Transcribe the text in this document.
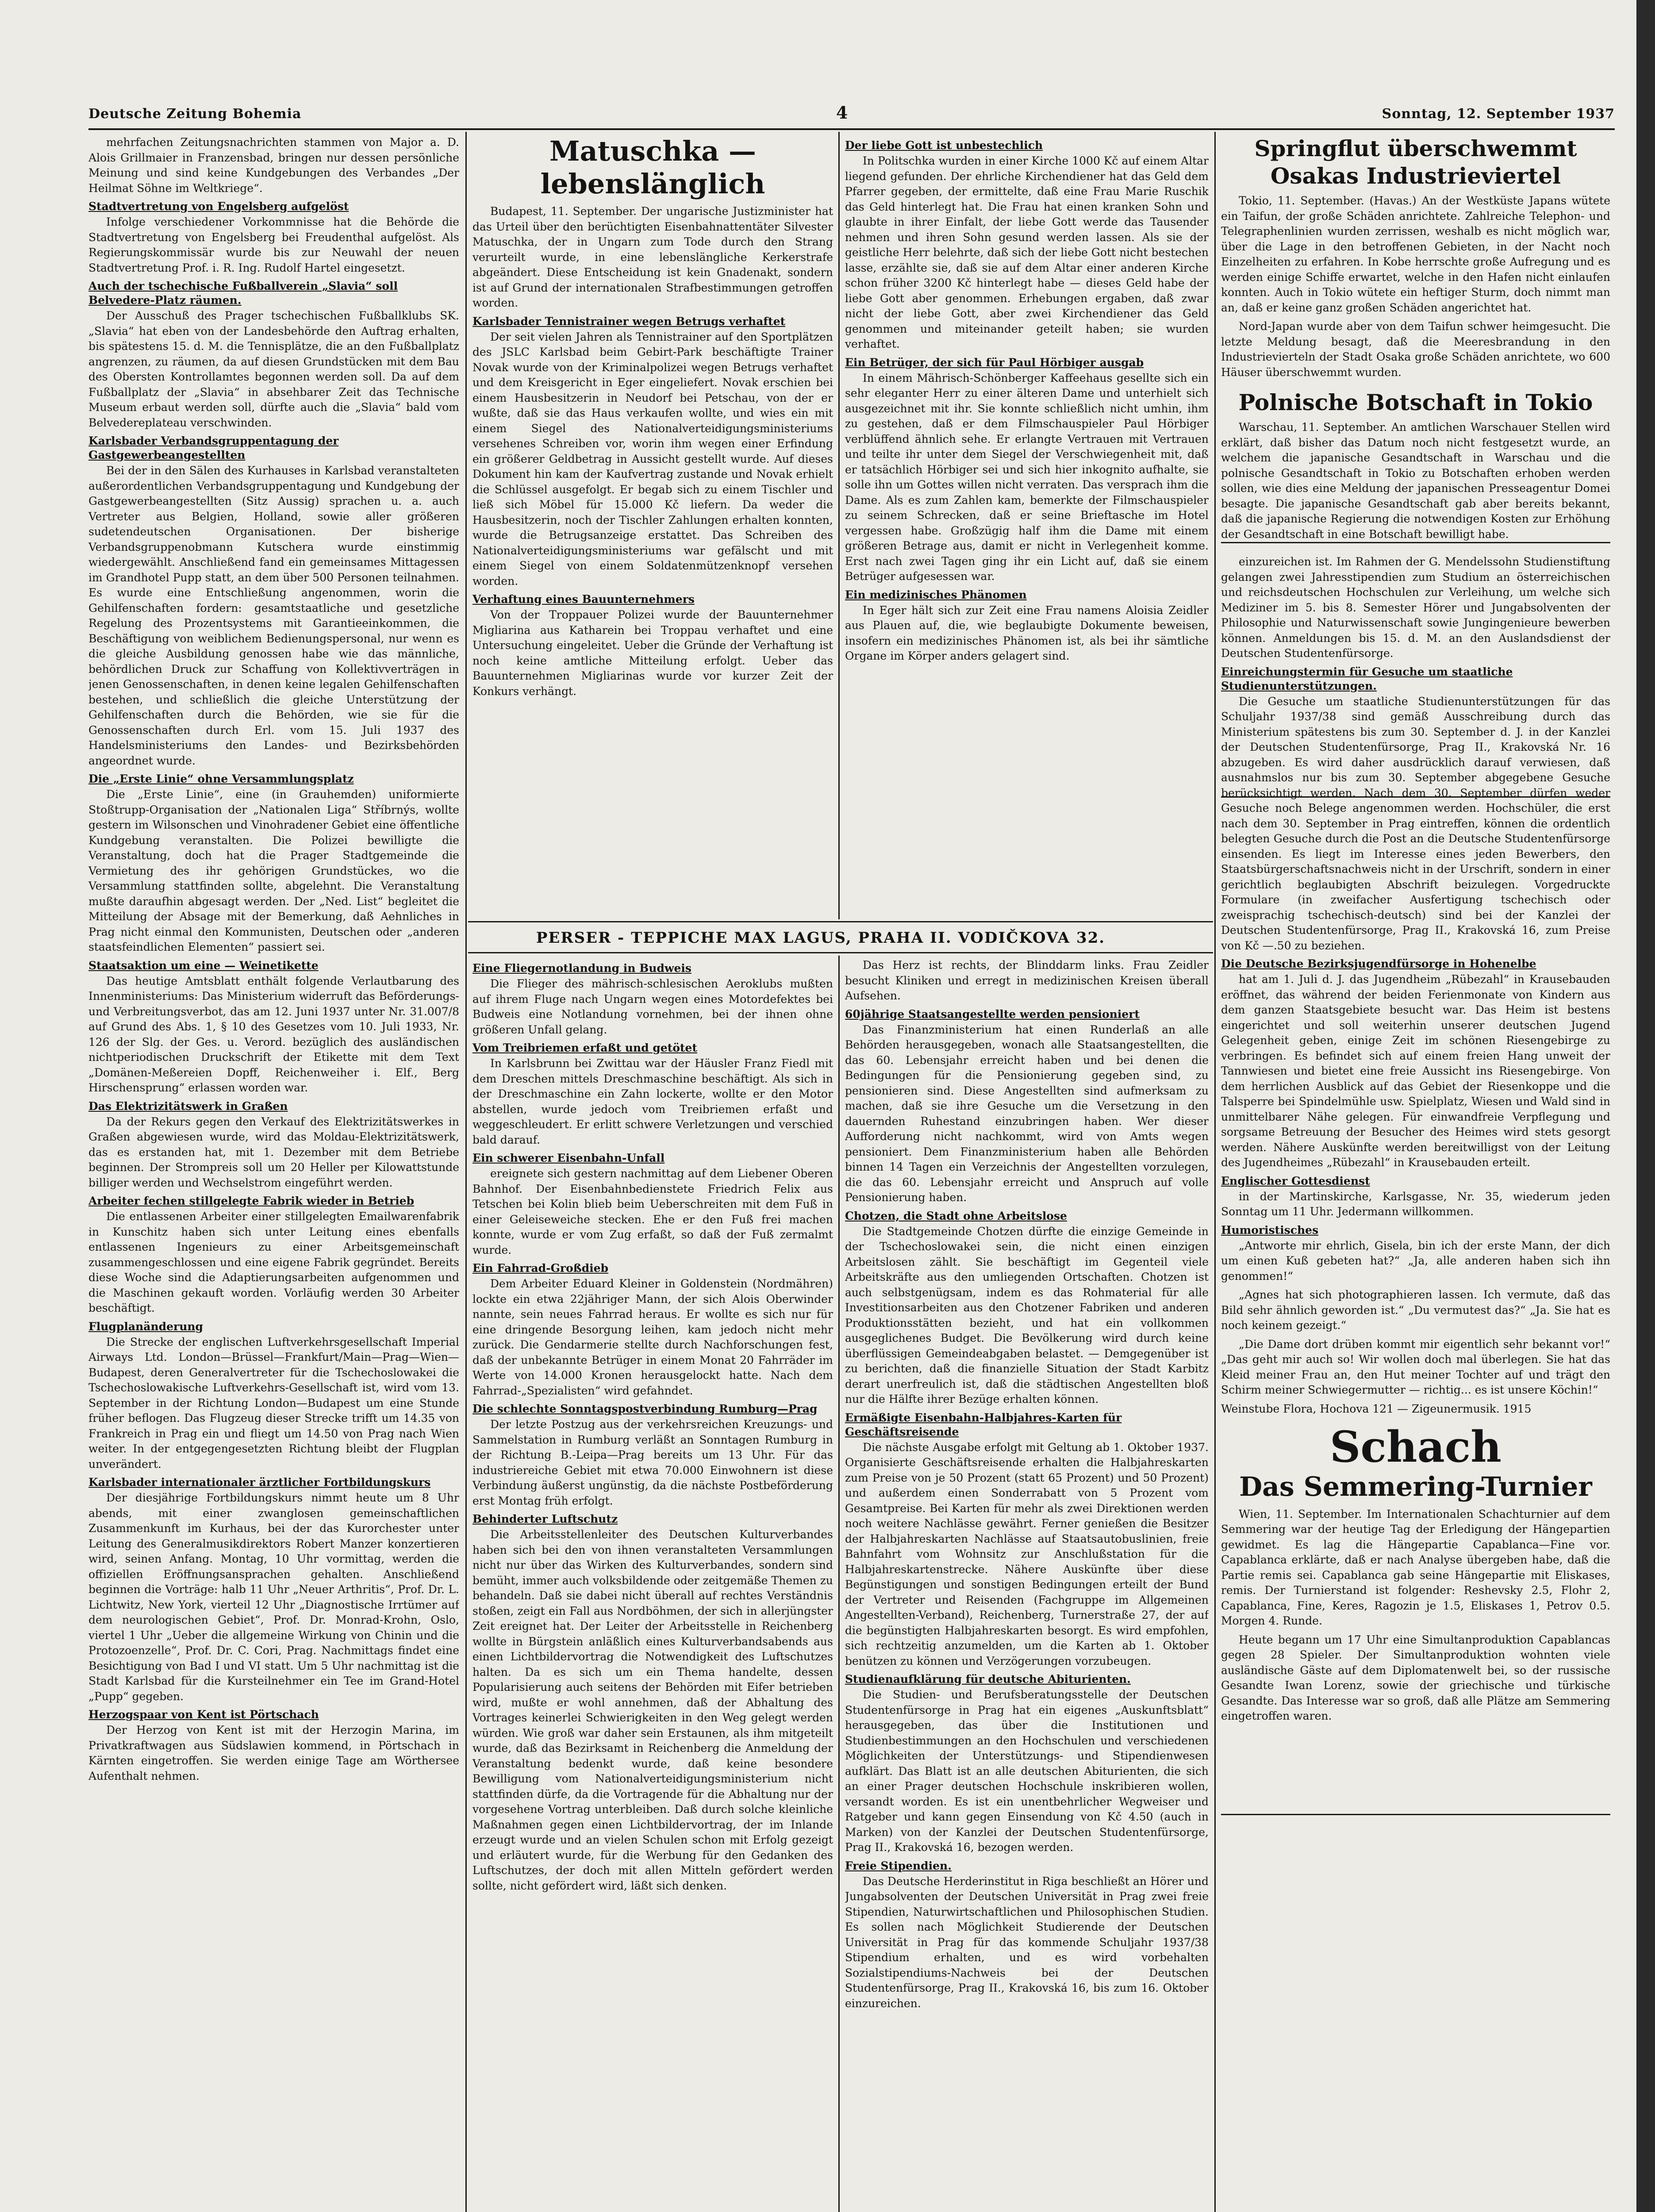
Deutsche Zeitung Bohemia	4	Sonntag, 12. September 1937
PERSER - TEPPICHE MAX LAGUS, PRAHA II. VODIČKOVA 32.

mehrfachen Zeitungsnachrichten stammen von Major a. D. Alois Grillmaier in Franzensbad, bringen nur dessen persönliche Meinung und sind keine Kundgebungen des Verbandes „Der Heilmat Söhne im Weltkriege“.

Stadtvertretung von Engelsberg aufgelöst

Infolge verschiedener Vorkommnisse hat die Behörde die Stadtvertretung von Engelsberg bei Freudenthal aufgelöst. Als Regierungskommissär wurde bis zur Neuwahl der neuen Stadtvertretung Prof. i. R. Ing. Rudolf Hartel eingesetzt.

Auch der tschechische Fußballverein „Slavia“ soll Belvedere-Platz räumen.

Der Ausschuß des Prager tschechischen Fußballklubs SK. „Slavia“ hat eben von der Landesbehörde den Auftrag erhalten, bis spätestens 15. d. M. die Tennisplätze, die an den Fußballplatz angrenzen, zu räumen, da auf diesen Grundstücken mit dem Bau des Obersten Kontrollamtes begonnen werden soll. Da auf dem Fußballplatz der „Slavia“ in absehbarer Zeit das Technische Museum erbaut werden soll, dürfte auch die „Slavia“ bald vom Belvedereplateau verschwinden.

Karlsbader Verbandsgruppentagung der Gastgewerbeangestellten

Bei der in den Sälen des Kurhauses in Karlsbad veranstalteten außerordentlichen Verbandsgruppentagung und Kundgebung der Gastgewerbeangestellten (Sitz Aussig) sprachen u. a. auch Vertreter aus Belgien, Holland, sowie aller größeren sudetendeutschen Organisationen. Der bisherige Verbandsgruppenobmann Kutschera wurde einstimmig wiedergewählt. Anschließend fand ein gemeinsames Mittagessen im Grandhotel Pupp statt, an dem über 500 Personen teilnahmen. Es wurde eine Entschließung angenommen, worin die Gehilfenschaften fordern: gesamtstaatliche und gesetzliche Regelung des Prozentsystems mit Garantieeinkommen, die Beschäftigung von weiblichem Bedienungspersonal, nur wenn es die gleiche Ausbildung genossen habe wie das männliche, behördlichen Druck zur Schaffung von Kollektivverträgen in jenen Genossenschaften, in denen keine legalen Gehilfenschaften bestehen, und schließlich die gleiche Unterstützung der Gehilfenschaften durch die Behörden, wie sie für die Genossenschaften durch Erl. vom 15. Juli 1937 des Handelsministeriums den Landes- und Bezirksbehörden angeordnet wurde.

Die „Erste Linie“ ohne Versammlungsplatz

Die „Erste Linie“, eine (in Grauhemden) uniformierte Stoßtrupp-Organisation der „Nationalen Liga“ Stříbrnýs, wollte gestern im Wilsonschen und Vinohradener Gebiet eine öffentliche Kundgebung veranstalten. Die Polizei bewilligte die Veranstaltung, doch hat die Prager Stadtgemeinde die Vermietung des ihr gehörigen Grundstückes, wo die Versammlung stattfinden sollte, abgelehnt. Die Veranstaltung mußte daraufhin abgesagt werden. Der „Ned. List“ begleitet die Mitteilung der Absage mit der Bemerkung, daß Aehnliches in Prag nicht einmal den Kommunisten, Deutschen oder „anderen staatsfeindlichen Elementen“ passiert sei.

Staatsaktion um eine — Weinetikette

Das heutige Amtsblatt enthält folgende Verlautbarung des Innenministeriums: Das Ministerium widerruft das Beförderungs- und Verbreitungsverbot, das am 12. Juni 1937 unter Nr. 31.007/8 auf Grund des Abs. 1, § 10 des Gesetzes vom 10. Juli 1933, Nr. 126 der Slg. der Ges. u. Verord. bezüglich des ausländischen nichtperiodischen Druckschrift der Etikette mit dem Text „Domänen-Meßereien Dopff, Reichenweiher i. Elf., Berg Hirschensprung“ erlassen worden war.

Das Elektrizitätswerk in Graßen

Da der Rekurs gegen den Verkauf des Elektrizitätswerkes in Graßen abgewiesen wurde, wird das Moldau-Elektrizitätswerk, das es erstanden hat, mit 1. Dezember mit dem Betriebe beginnen. Der Strompreis soll um 20 Heller per Kilowattstunde billiger werden und Wechselstrom eingeführt werden.

Arbeiter fechen stillgelegte Fabrik wieder in Betrieb

Die entlassenen Arbeiter einer stillgelegten Emailwarenfabrik in Kunschitz haben sich unter Leitung eines ebenfalls entlassenen Ingenieurs zu einer Arbeitsgemeinschaft zusammengeschlossen und eine eigene Fabrik gegründet. Bereits diese Woche sind die Adaptierungsarbeiten aufgenommen und die Maschinen gekauft worden. Vorläufig werden 30 Arbeiter beschäftigt.

Flugplanänderung

Die Strecke der englischen Luftverkehrsgesellschaft Imperial Airways Ltd. London—Brüssel—Frankfurt/Main—Prag—Wien—Budapest, deren Generalvertreter für die Tschechoslowakei die Tschechoslowakische Luftverkehrs-Gesellschaft ist, wird vom 13. September in der Richtung London—Budapest um eine Stunde früher beflogen. Das Flugzeug dieser Strecke trifft um 14.35 von Frankreich in Prag ein und fliegt um 14.50 von Prag nach Wien weiter. In der entgegengesetzten Richtung bleibt der Flugplan unverändert.

Karlsbader internationaler ärztlicher Fortbildungskurs

Der diesjährige Fortbildungskurs nimmt heute um 8 Uhr abends, mit einer zwanglosen gemeinschaftlichen Zusammenkunft im Kurhaus, bei der das Kurorchester unter Leitung des Generalmusikdirektors Robert Manzer konzertieren wird, seinen Anfang. Montag, 10 Uhr vormittag, werden die offiziellen Eröffnungsansprachen gehalten. Anschließend beginnen die Vorträge: halb 11 Uhr „Neuer Arthritis“, Prof. Dr. L. Lichtwitz, New York, vierteil 12 Uhr „Diagnostische Irrtümer auf dem neurologischen Gebiet“, Prof. Dr. Monrad-Krohn, Oslo, viertel 1 Uhr „Ueber die allgemeine Wirkung von Chinin und die Protozoenzelle“, Prof. Dr. C. Cori, Prag. Nachmittags findet eine Besichtigung von Bad I und VI statt. Um 5 Uhr nachmittag ist die Stadt Karlsbad für die Kursteilnehmer ein Tee im Grand-Hotel „Pupp“ gegeben.

Herzogspaar von Kent ist Pörtschach

Der Herzog von Kent ist mit der Herzogin Marina, im Privatkraftwagen aus Südslawien kommend, in Pörtschach in Kärnten eingetroffen. Sie werden einige Tage am Wörthersee Aufenthalt nehmen.

Matuschka — lebenslänglich

Budapest, 11. September. Der ungarische Justizminister hat das Urteil über den berüchtigten Eisenbahnattentäter Silvester Matuschka, der in Ungarn zum Tode durch den Strang verurteilt wurde, in eine lebenslängliche Kerkerstrafe abgeändert. Diese Entscheidung ist kein Gnadenakt, sondern ist auf Grund der internationalen Strafbestimmungen getroffen worden.

Karlsbader Tennistrainer wegen Betrugs verhaftet

Der seit vielen Jahren als Tennistrainer auf den Sportplätzen des JSLC Karlsbad beim Gebirt-Park beschäftigte Trainer Novak wurde von der Kriminalpolizei wegen Betrugs verhaftet und dem Kreisgericht in Eger eingeliefert. Novak erschien bei einem Hausbesitzerin in Neudorf bei Petschau, von der er wußte, daß sie das Haus verkaufen wollte, und wies ein mit einem Siegel des Nationalverteidigungsministeriums versehenes Schreiben vor, worin ihm wegen einer Erfindung ein größerer Geldbetrag in Aussicht gestellt wurde. Auf dieses Dokument hin kam der Kaufvertrag zustande und Novak erhielt die Schlüssel ausgefolgt. Er begab sich zu einem Tischler und ließ sich Möbel für 15.000 Kč liefern. Da weder die Hausbesitzerin, noch der Tischler Zahlungen erhalten konnten, wurde die Betrugsanzeige erstattet. Das Schreiben des Nationalverteidigungsministeriums war gefälscht und mit einem Siegel von einem Soldatenmützenknopf versehen worden.

Verhaftung eines Bauunternehmers

Von der Troppauer Polizei wurde der Bauunternehmer Migliarina aus Katharein bei Troppau verhaftet und eine Untersuchung eingeleitet. Ueber die Gründe der Verhaftung ist noch keine amtliche Mitteilung erfolgt. Ueber das Bauunternehmen Migliarinas wurde vor kurzer Zeit der Konkurs verhängt.

Der liebe Gott ist unbestechlich

In Politschka wurden in einer Kirche 1000 Kč auf einem Altar liegend gefunden. Der ehrliche Kirchendiener hat das Geld dem Pfarrer gegeben, der ermittelte, daß eine Frau Marie Ruschik das Geld hinterlegt hat. Die Frau hat einen kranken Sohn und glaubte in ihrer Einfalt, der liebe Gott werde das Tausender nehmen und ihren Sohn gesund werden lassen. Als sie der geistliche Herr belehrte, daß sich der liebe Gott nicht bestechen lasse, erzählte sie, daß sie auf dem Altar einer anderen Kirche schon früher 3200 Kč hinterlegt habe — dieses Geld habe der liebe Gott aber genommen. Erhebungen ergaben, daß zwar nicht der liebe Gott, aber zwei Kirchendiener das Geld genommen und miteinander geteilt haben; sie wurden verhaftet.

Ein Betrüger, der sich für Paul Hörbiger ausgab

In einem Mährisch-Schönberger Kaffeehaus gesellte sich ein sehr eleganter Herr zu einer älteren Dame und unterhielt sich ausgezeichnet mit ihr. Sie konnte schließlich nicht umhin, ihm zu gestehen, daß er dem Filmschauspieler Paul Hörbiger verblüffend ähnlich sehe. Er erlangte Vertrauen mit Vertrauen und teilte ihr unter dem Siegel der Verschwiegenheit mit, daß er tatsächlich Hörbiger sei und sich hier inkognito aufhalte, sie solle ihn um Gottes willen nicht verraten. Das versprach ihm die Dame. Als es zum Zahlen kam, bemerkte der Filmschauspieler zu seinem Schrecken, daß er seine Brieftasche im Hotel vergessen habe. Großzügig half ihm die Dame mit einem größeren Betrage aus, damit er nicht in Verlegenheit komme. Erst nach zwei Tagen ging ihr ein Licht auf, daß sie einem Betrüger aufgesessen war.

Ein medizinisches Phänomen

In Eger hält sich zur Zeit eine Frau namens Aloisia Zeidler aus Plauen auf, die, wie beglaubigte Dokumente beweisen, insofern ein medizinisches Phänomen ist, als bei ihr sämtliche Organe im Körper anders gelagert sind.

Eine Fliegernotlandung in Budweis

Die Flieger des mährisch-schlesischen Aeroklubs mußten auf ihrem Fluge nach Ungarn wegen eines Motordefektes bei Budweis eine Notlandung vornehmen, bei der ihnen ohne größeren Unfall gelang.

Vom Treibriemen erfaßt und getötet

In Karlsbrunn bei Zwittau war der Häusler Franz Fiedl mit dem Dreschen mittels Dreschmaschine beschäftigt. Als sich in der Dreschmaschine ein Zahn lockerte, wollte er den Motor abstellen, wurde jedoch vom Treibriemen erfaßt und weggeschleudert. Er erlitt schwere Verletzungen und verschied bald darauf.

Ein schwerer Eisenbahn-Unfall

ereignete sich gestern nachmittag auf dem Liebener Oberen Bahnhof. Der Eisenbahnbedienstete Friedrich Felix aus Tetschen bei Kolin blieb beim Ueberschreiten mit dem Fuß in einer Geleiseweiche stecken. Ehe er den Fuß frei machen konnte, wurde er vom Zug erfaßt, so daß der Fuß zermalmt wurde.

Ein Fahrrad-Großdieb

Dem Arbeiter Eduard Kleiner in Goldenstein (Nordmähren) lockte ein etwa 22jähriger Mann, der sich Alois Oberwinder nannte, sein neues Fahrrad heraus. Er wollte es sich nur für eine dringende Besorgung leihen, kam jedoch nicht mehr zurück. Die Gendarmerie stellte durch Nachforschungen fest, daß der unbekannte Betrüger in einem Monat 20 Fahrräder im Werte von 14.000 Kronen herausgelockt hatte. Nach dem Fahrrad-„Spezialisten“ wird gefahndet.

Die schlechte Sonntagspostverbindung Rumburg—Prag

Der letzte Postzug aus der verkehrsreichen Kreuzungs- und Sammelstation in Rumburg verläßt an Sonntagen Rumburg in der Richtung B.-Leipa—Prag bereits um 13 Uhr. Für das industriereiche Gebiet mit etwa 70.000 Einwohnern ist diese Verbindung äußerst ungünstig, da die nächste Postbeförderung erst Montag früh erfolgt.

Behinderter Luftschutz

Die Arbeitsstellenleiter des Deutschen Kulturverbandes haben sich bei den von ihnen veranstalteten Versammlungen nicht nur über das Wirken des Kulturverbandes, sondern sind bemüht, immer auch volksbildende oder zeitgemäße Themen zu behandeln. Daß sie dabei nicht überall auf rechtes Verständnis stoßen, zeigt ein Fall aus Nordböhmen, der sich in allerjüngster Zeit ereignet hat. Der Leiter der Arbeitsstelle in Reichenberg wollte in Bürgstein anläßlich eines Kulturverbandsabends aus einen Lichtbildervortrag die Notwendigkeit des Luftschutzes halten. Da es sich um ein Thema handelte, dessen Popularisierung auch seitens der Behörden mit Eifer betrieben wird, mußte er wohl annehmen, daß der Abhaltung des Vortrages keinerlei Schwierigkeiten in den Weg gelegt werden würden. Wie groß war daher sein Erstaunen, als ihm mitgeteilt wurde, daß das Bezirksamt in Reichenberg die Anmeldung der Veranstaltung bedenkt wurde, daß keine besondere Bewilligung vom Nationalverteidigungsministerium nicht stattfinden dürfe, da die Vortragende für die Abhaltung nur der vorgesehene Vortrag unterbleiben. Daß durch solche kleinliche Maßnahmen gegen einen Lichtbildervortrag, der im Inlande erzeugt wurde und an vielen Schulen schon mit Erfolg gezeigt und erläutert wurde, für die Werbung für den Gedanken des Luftschutzes, der doch mit allen Mitteln gefördert werden sollte, nicht gefördert wird, läßt sich denken.

Das Herz ist rechts, der Blinddarm links. Frau Zeidler besucht Kliniken und erregt in medizinischen Kreisen überall Aufsehen.

60jährige Staatsangestellte werden pensioniert

Das Finanzministerium hat einen Runderlaß an alle Behörden herausgegeben, wonach alle Staatsangestellten, die das 60. Lebensjahr erreicht haben und bei denen die Bedingungen für die Pensionierung gegeben sind, zu pensionieren sind. Diese Angestellten sind aufmerksam zu machen, daß sie ihre Gesuche um die Versetzung in den dauernden Ruhestand einzubringen haben. Wer dieser Aufforderung nicht nachkommt, wird von Amts wegen pensioniert. Dem Finanzministerium haben alle Behörden binnen 14 Tagen ein Verzeichnis der Angestellten vorzulegen, die das 60. Lebensjahr erreicht und Anspruch auf volle Pensionierung haben.

Chotzen, die Stadt ohne Arbeitslose

Die Stadtgemeinde Chotzen dürfte die einzige Gemeinde in der Tschechoslowakei sein, die nicht einen einzigen Arbeitslosen zählt. Sie beschäftigt im Gegenteil viele Arbeitskräfte aus den umliegenden Ortschaften. Chotzen ist auch selbstgenügsam, indem es das Rohmaterial für alle Investitionsarbeiten aus den Chotzener Fabriken und anderen Produktionsstätten bezieht, und hat ein vollkommen ausgeglichenes Budget. Die Bevölkerung wird durch keine überflüssigen Gemeindeabgaben belastet. — Demgegenüber ist zu berichten, daß die finanzielle Situation der Stadt Karbitz derart unerfreulich ist, daß die städtischen Angestellten bloß nur die Hälfte ihrer Bezüge erhalten können.

Ermäßigte Eisenbahn-Halbjahres-Karten für Geschäftsreisende

Die nächste Ausgabe erfolgt mit Geltung ab 1. Oktober 1937. Organisierte Geschäftsreisende erhalten die Halbjahreskarten zum Preise von je 50 Prozent (statt 65 Prozent) und 50 Prozent) und außerdem einen Sonderrabatt von 5 Prozent vom Gesamtpreise. Bei Karten für mehr als zwei Direktionen werden noch weitere Nachlässe gewährt. Ferner genießen die Besitzer der Halbjahreskarten Nachlässe auf Staatsautobuslinien, freie Bahnfahrt vom Wohnsitz zur Anschlußstation für die Halbjahreskartenstrecke. Nähere Auskünfte über diese Begünstigungen und sonstigen Bedingungen erteilt der Bund der Vertreter und Reisenden (Fachgruppe im Allgemeinen Angestellten-Verband), Reichenberg, Turnerstraße 27, der auf die begünstigten Halbjahreskarten besorgt. Es wird empfohlen, sich rechtzeitig anzumelden, um die Karten ab 1. Oktober benützen zu können und Verzögerungen vorzubeugen.

Studienaufklärung für deutsche Abiturienten.

Die Studien- und Berufsberatungsstelle der Deutschen Studentenfürsorge in Prag hat ein eigenes „Auskunftsblatt“ herausgegeben, das über die Institutionen und Studienbestimmungen an den Hochschulen und verschiedenen Möglichkeiten der Unterstützungs- und Stipendienwesen aufklärt. Das Blatt ist an alle deutschen Abiturienten, die sich an einer Prager deutschen Hochschule inskribieren wollen, versandt worden. Es ist ein unentbehrlicher Wegweiser und Ratgeber und kann gegen Einsendung von Kč 4.50 (auch in Marken) von der Kanzlei der Deutschen Studentenfürsorge, Prag II., Krakovská 16, bezogen werden.

Freie Stipendien.

Das Deutsche Herderinstitut in Riga beschließt an Hörer und Jungabsolventen der Deutschen Universität in Prag zwei freie Stipendien, Naturwirtschaftlichen und Philosophischen Studien. Es sollen nach Möglichkeit Studierende der Deutschen Universität in Prag für das kommende Schuljahr 1937/38 Stipendium erhalten, und es wird vorbehalten Sozialstipendiums-Nachweis bei der Deutschen Studentenfürsorge, Prag II., Krakovská 16, bis zum 16. Oktober einzureichen.

Springflut überschwemmt Osakas Industrieviertel

Tokio, 11. September. (Havas.) An der Westküste Japans wütete ein Taifun, der große Schäden anrichtete. Zahlreiche Telephon- und Telegraphenlinien wurden zerrissen, weshalb es nicht möglich war, über die Lage in den betroffenen Gebieten, in der Nacht noch Einzelheiten zu erfahren. In Kobe herrschte große Aufregung und es werden einige Schiffe erwartet, welche in den Hafen nicht einlaufen konnten. Auch in Tokio wütete ein heftiger Sturm, doch nimmt man an, daß er keine ganz großen Schäden angerichtet hat.

Nord-Japan wurde aber von dem Taifun schwer heimgesucht. Die letzte Meldung besagt, daß die Meeresbrandung in den Industrievierteln der Stadt Osaka große Schäden anrichtete, wo 600 Häuser überschwemmt wurden.

Polnische Botschaft in Tokio

Warschau, 11. September. An amtlichen Warschauer Stellen wird erklärt, daß bisher das Datum noch nicht festgesetzt wurde, an welchem die japanische Gesandtschaft in Warschau und die polnische Gesandtschaft in Tokio zu Botschaften erhoben werden sollen, wie dies eine Meldung der japanischen Presseagentur Domei besagte. Die japanische Gesandtschaft gab aber bereits bekannt, daß die japanische Regierung die notwendigen Kosten zur Erhöhung der Gesandtschaft in eine Botschaft bewilligt habe.

einzureichen ist. Im Rahmen der G. Mendelssohn Studienstiftung gelangen zwei Jahresstipendien zum Studium an österreichischen und reichsdeutschen Hochschulen zur Verleihung, um welche sich Mediziner im 5. bis 8. Semester Hörer und Jungabsolventen der Philosophie und Naturwissenschaft sowie Jungingenieure bewerben können. Anmeldungen bis 15. d. M. an den Auslandsdienst der Deutschen Studentenfürsorge.

Einreichungstermin für Gesuche um staatliche Studienunterstützungen.

Die Gesuche um staatliche Studienunterstützungen für das Schuljahr 1937/38 sind gemäß Ausschreibung durch das Ministerium spätestens bis zum 30. September d. J. in der Kanzlei der Deutschen Studentenfürsorge, Prag II., Krakovská Nr. 16 abzugeben. Es wird daher ausdrücklich darauf verwiesen, daß ausnahmslos nur bis zum 30. September abgegebene Gesuche berücksichtigt werden. Nach dem 30. September dürfen weder Gesuche noch Belege angenommen werden. Hochschüler, die erst nach dem 30. September in Prag eintreffen, können die ordentlich belegten Gesuche durch die Post an die Deutsche Studentenfürsorge einsenden. Es liegt im Interesse eines jeden Bewerbers, den Staatsbürgerschaftsnachweis nicht in der Urschrift, sondern in einer gerichtlich beglaubigten Abschrift beizulegen. Vorgedruckte Formulare (in zweifacher Ausfertigung tschechisch oder zweisprachig tschechisch-deutsch) sind bei der Kanzlei der Deutschen Studentenfürsorge, Prag II., Krakovská 16, zum Preise von Kč —.50 zu beziehen.

Die Deutsche Bezirksjugendfürsorge in Hohenelbe

hat am 1. Juli d. J. das Jugendheim „Rübezahl“ in Krausebauden eröffnet, das während der beiden Ferienmonate von Kindern aus dem ganzen Staatsgebiete besucht war. Das Heim ist bestens eingerichtet und soll weiterhin unserer deutschen Jugend Gelegenheit geben, einige Zeit im schönen Riesengebirge zu verbringen. Es befindet sich auf einem freien Hang unweit der Tannwiesen und bietet eine freie Aussicht ins Riesengebirge. Von dem herrlichen Ausblick auf das Gebiet der Riesenkoppe und die Talsperre bei Spindelmühle usw. Spielplatz, Wiesen und Wald sind in unmittelbarer Nähe gelegen. Für einwandfreie Verpflegung und sorgsame Betreuung der Besucher des Heimes wird stets gesorgt werden. Nähere Auskünfte werden bereitwilligst von der Leitung des Jugendheimes „Rübezahl“ in Krausebauden erteilt.

Englischer Gottesdienst

in der Martinskirche, Karlsgasse, Nr. 35, wiederum jeden Sonntag um 11 Uhr. Jedermann willkommen.

Humoristisches

„Antworte mir ehrlich, Gisela, bin ich der erste Mann, der dich um einen Kuß gebeten hat?“ „Ja, alle anderen haben sich ihn genommen!“

„Agnes hat sich photographieren lassen. Ich vermute, daß das Bild sehr ähnlich geworden ist.“ „Du vermutest das?“ „Ja. Sie hat es noch keinem gezeigt.“

„Die Dame dort drüben kommt mir eigentlich sehr bekannt vor!“ „Das geht mir auch so! Wir wollen doch mal überlegen. Sie hat das Kleid meiner Frau an, den Hut meiner Tochter auf und trägt den Schirm meiner Schwiegermutter — richtig... es ist unsere Köchin!“

Weinstube Flora, Hochova 121 — Zigeunermusik. 1915
Schach
Das Semmering-Turnier

Wien, 11. September. Im Internationalen Schachturnier auf dem Semmering war der heutige Tag der Erledigung der Hängepartien gewidmet. Es lag die Hängepartie Capablanca—Fine vor. Capablanca erklärte, daß er nach Analyse übergeben habe, daß die Partie remis sei. Capablanca gab seine Hängepartie mit Eliskases, remis. Der Turnierstand ist folgender: Reshevsky 2.5, Flohr 2, Capablanca, Fine, Keres, Ragozin je 1.5, Eliskases 1, Petrov 0.5. Morgen 4. Runde.

Heute begann um 17 Uhr eine Simultanproduktion Capablancas gegen 28 Spieler. Der Simultanproduktion wohnten viele ausländische Gäste auf dem Diplomatenwelt bei, so der russische Gesandte Iwan Lorenz, sowie der griechische und türkische Gesandte. Das Interesse war so groß, daß alle Plätze am Semmering eingetroffen waren.
